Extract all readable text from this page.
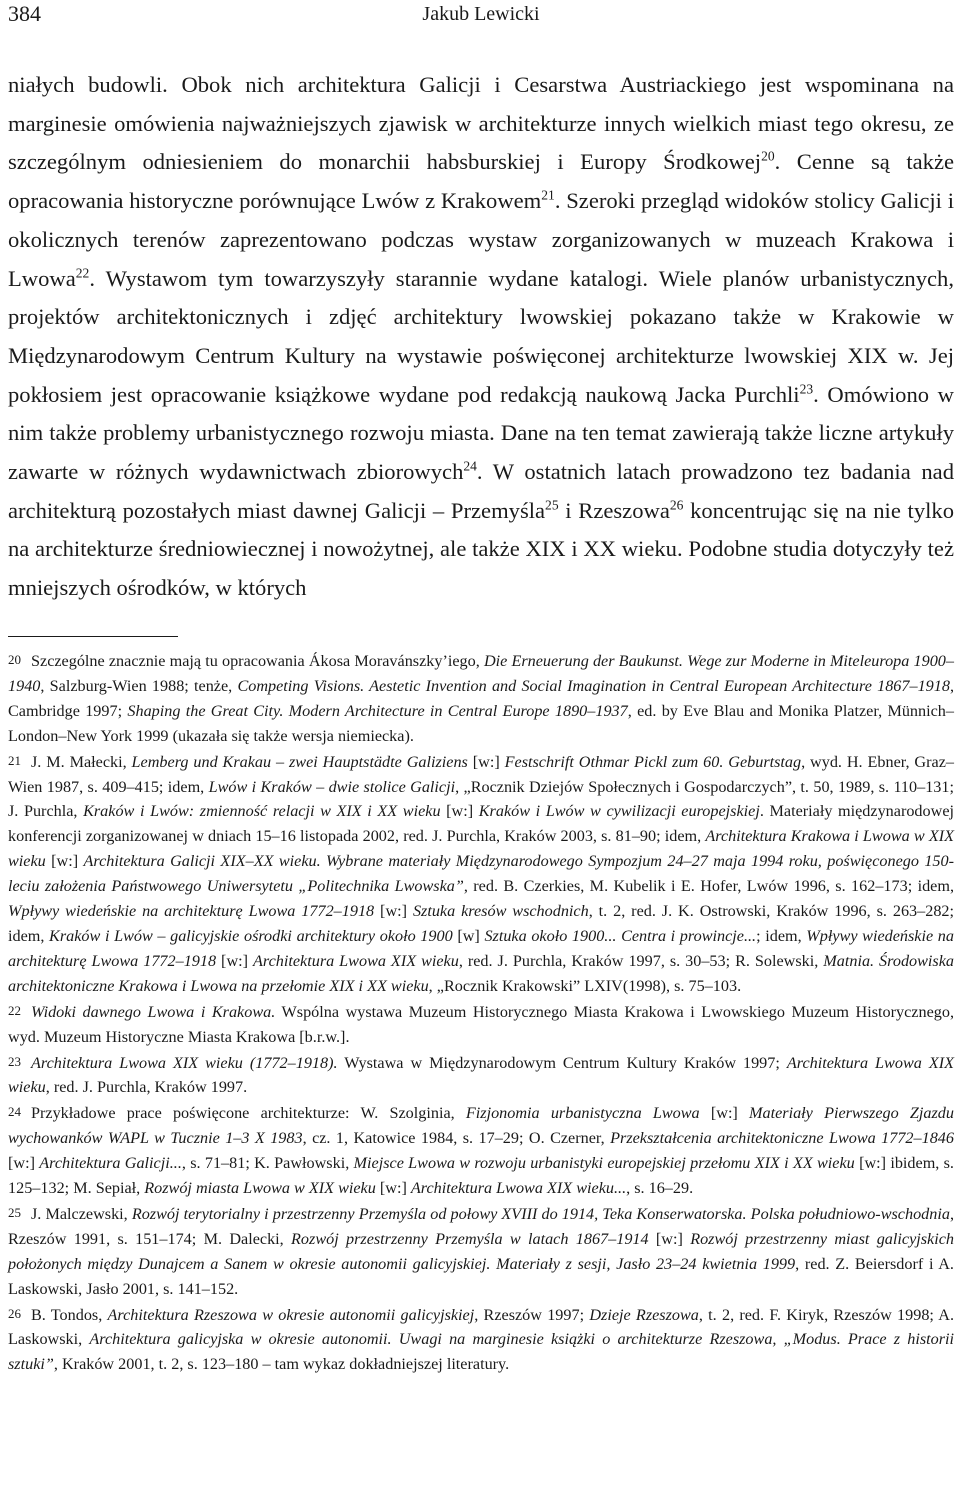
384	Jakub Lewicki

niałych budowli. Obok nich architektura Galicji i Cesarstwa Austriackiego jest wspominana na marginesie omówienia najważniejszych zjawisk w architekturze innych wielkich miast tego okresu, ze szczególnym odniesieniem do monarchii habsburskiej i Europy Środkowej$^{20}$. Cenne są także opracowania historyczne porównujące Lwów z Krakowem$^{21}$. Szeroki przegląd widoków stolicy Galicji i okolicznych terenów zaprezentowano podczas wystaw zorganizowanych w muzeach Krakowa i Lwowa$^{22}$. Wystawom tym towarzyszyły starannie wydane katalogi. Wiele planów urbanistycznych, projektów architektonicznych i zdjęć architektury lwowskiej pokazano także w Krakowie w Międzynarodowym Centrum Kultury na wystawie poświęconej architekturze lwowskiej XIX w. Jej pokłosiem jest opracowanie książkowe wydane pod redakcją naukową Jacka Purchli$^{23}$. Omówiono w nim także problemy urbanistycznego rozwoju miasta. Dane na ten temat zawierają także liczne artykuły zawarte w różnych wydawnictwach zbiorowych$^{24}$. W ostatnich latach prowadzono tez badania nad architekturą pozostałych miast dawnej Galicji – Przemyśla$^{25}$ i Rzeszowa$^{26}$ koncentrując się na nie tylko na architekturze średniowiecznej i nowożytnej, ale także XIX i XX wieku. Podobne studia dotyczyły też mniejszych ośrodków, w których

20 Szczególne znacznie mają tu opracowania Ákosa Moravánszky’iego, Die Erneuerung der Baukunst. Wege zur Moderne in Miteleuropa 1900–1940, Salzburg-Wien 1988; tenże, Competing Visions. Aestetic Invention and Social Imagination in Central European Architecture 1867–1918, Cambridge 1997; Shaping the Great City. Modern Architecture in Central Europe 1890–1937, ed. by Eve Blau and Monika Platzer, Münnich–London–New York 1999 (ukazała się także wersja niemiecka).

21 J. M. Małecki, Lemberg und Krakau – zwei Hauptstädte Galiziens [w:] Festschrift Othmar Pickl zum 60. Geburtstag, wyd. H. Ebner, Graz–Wien 1987, s. 409–415; idem, Lwów i Kraków – dwie stolice Galicji, „Rocznik Dziejów Społecznych i Gospodarczych”, t. 50, 1989, s. 110–131; J. Purchla, Kraków i Lwów: zmienność relacji w XIX i XX wieku [w:] Kraków i Lwów w cywilizacji europejskiej. Materiały międzynarodowej konferencji zorganizowanej w dniach 15–16 listopada 2002, red. J. Purchla, Kraków 2003, s. 81–90; idem, Architektura Krakowa i Lwowa w XIX wieku [w:] Architektura Galicji XIX–XX wieku. Wybrane materiały Międzynarodowego Sympozjum 24–27 maja 1994 roku, poświęconego 150-leciu założenia Państwowego Uniwersytetu „Politechnika Lwowska”, red. B. Czerkies, M. Kubelik i E. Hofer, Lwów 1996, s. 162–173; idem, Wpływy wiedeńskie na architekturę Lwowa 1772–1918 [w:] Sztuka kresów wschodnich, t. 2, red. J. K. Ostrowski, Kraków 1996, s. 263–282; idem, Kraków i Lwów – galicyjskie ośrodki architektury około 1900 [w] Sztuka około 1900... Centra i prowincje...; idem, Wpływy wiedeńskie na architekturę Lwowa 1772–1918 [w:] Architektura Lwowa XIX wieku, red. J. Purchla, Kraków 1997, s. 30–53; R. Solewski, Matnia. Środowiska architektoniczne Krakowa i Lwowa na przełomie XIX i XX wieku, „Rocznik Krakowski” LXIV(1998), s. 75–103.

22 Widoki dawnego Lwowa i Krakowa. Wspólna wystawa Muzeum Historycznego Miasta Krakowa i Lwowskiego Muzeum Historycznego, wyd. Muzeum Historyczne Miasta Krakowa [b.r.w.].

23 Architektura Lwowa XIX wieku (1772–1918). Wystawa w Międzynarodowym Centrum Kultury Kraków 1997; Architektura Lwowa XIX wieku, red. J. Purchla, Kraków 1997.

24 Przykładowe prace poświęcone architekturze: W. Szolginia, Fizjonomia urbanistyczna Lwowa [w:] Materiały Pierwszego Zjazdu wychowanków WAPL w Tucznie 1–3 X 1983, cz. 1, Katowice 1984, s. 17–29; O. Czerner, Przekształcenia architektoniczne Lwowa 1772–1846 [w:] Architektura Galicji..., s. 71–81; K. Pawłowski, Miejsce Lwowa w rozwoju urbanistyki europejskiej przełomu XIX i XX wieku [w:] ibidem, s. 125–132; M. Sepiał, Rozwój miasta Lwowa w XIX wieku [w:] Architektura Lwowa XIX wieku..., s. 16–29.

25 J. Malczewski, Rozwój terytorialny i przestrzenny Przemyśla od połowy XVIII do 1914, Teka Konserwatorska. Polska południowo-wschodnia, Rzeszów 1991, s. 151–174; M. Dalecki, Rozwój przestrzenny Przemyśla w latach 1867–1914 [w:] Rozwój przestrzenny miast galicyjskich położonych między Dunajcem a Sanem w okresie autonomii galicyjskiej. Materiały z sesji, Jasło 23–24 kwietnia 1999, red. Z. Beiersdorf i A. Laskowski, Jasło 2001, s. 141–152.

26 B. Tondos, Architektura Rzeszowa w okresie autonomii galicyjskiej, Rzeszów 1997; Dzieje Rzeszowa, t. 2, red. F. Kiryk, Rzeszów 1998; A. Laskowski, Architektura galicyjska w okresie autonomii. Uwagi na marginesie książki o architekturze Rzeszowa, „Modus. Prace z historii sztuki”, Kraków 2001, t. 2, s. 123–180 – tam wykaz dokładniejszej literatury.
